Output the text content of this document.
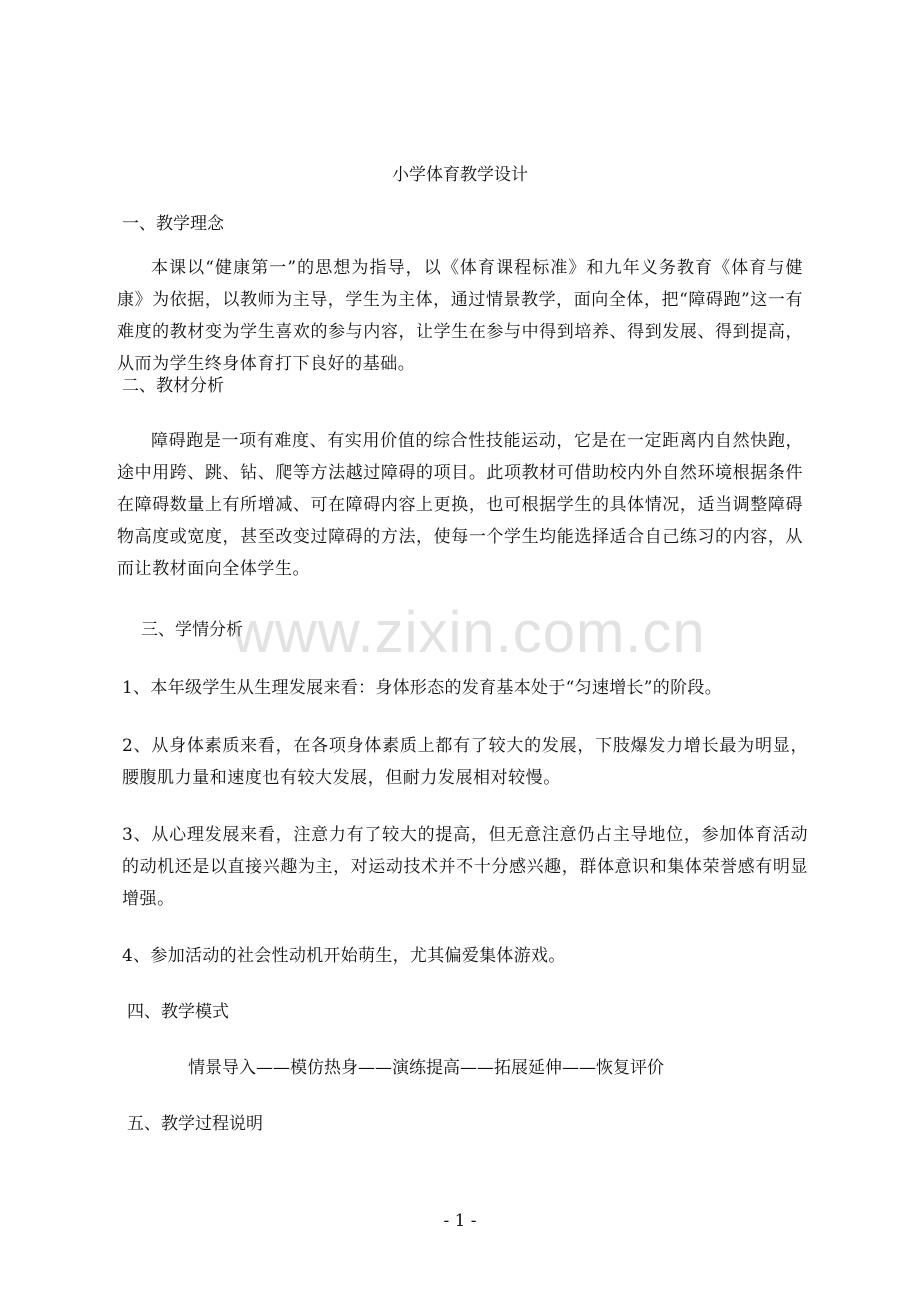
小学体育教学设计
一、教学理念
本课以“健康第一”的思想为指导，以《体育课程标准》和九年义务教育《体育与健康》为依据，以教师为主导，学生为主体，通过情景教学，面向全体，把“障碍跑”这一有难度的教材变为学生喜欢的参与内容，让学生在参与中得到培养、得到发展、得到提高，从而为学生终身体育打下良好的基础。
二、教材分析
障碍跑是一项有难度、有实用价值的综合性技能运动，它是在一定距离内自然快跑，途中用跨、跳、钻、爬等方法越过障碍的项目。此项教材可借助校内外自然环境根据条件在障碍数量上有所增减、可在障碍内容上更换，也可根据学生的具体情况，适当调整障碍物高度或宽度，甚至改变过障碍的方法，使每一个学生均能选择适合自己练习的内容，从而让教材面向全体学生。
三、学情分析
1、本年级学生从生理发展来看：身体形态的发育基本处于“匀速增长”的阶段。
2、从身体素质来看，在各项身体素质上都有了较大的发展，下肢爆发力增长最为明显，腰腹肌力量和速度也有较大发展，但耐力发展相对较慢。
3、从心理发展来看，注意力有了较大的提高，但无意注意仍占主导地位，参加体育活动的动机还是以直接兴趣为主，对运动技术并不十分感兴趣，群体意识和集体荣誉感有明显增强。
4、参加活动的社会性动机开始萌生，尤其偏爱集体游戏。
四、教学模式
情景导入——模仿热身——演练提高——拓展延伸——恢复评价
五、教学过程说明
www.zixin.com.cn
- 1 -
